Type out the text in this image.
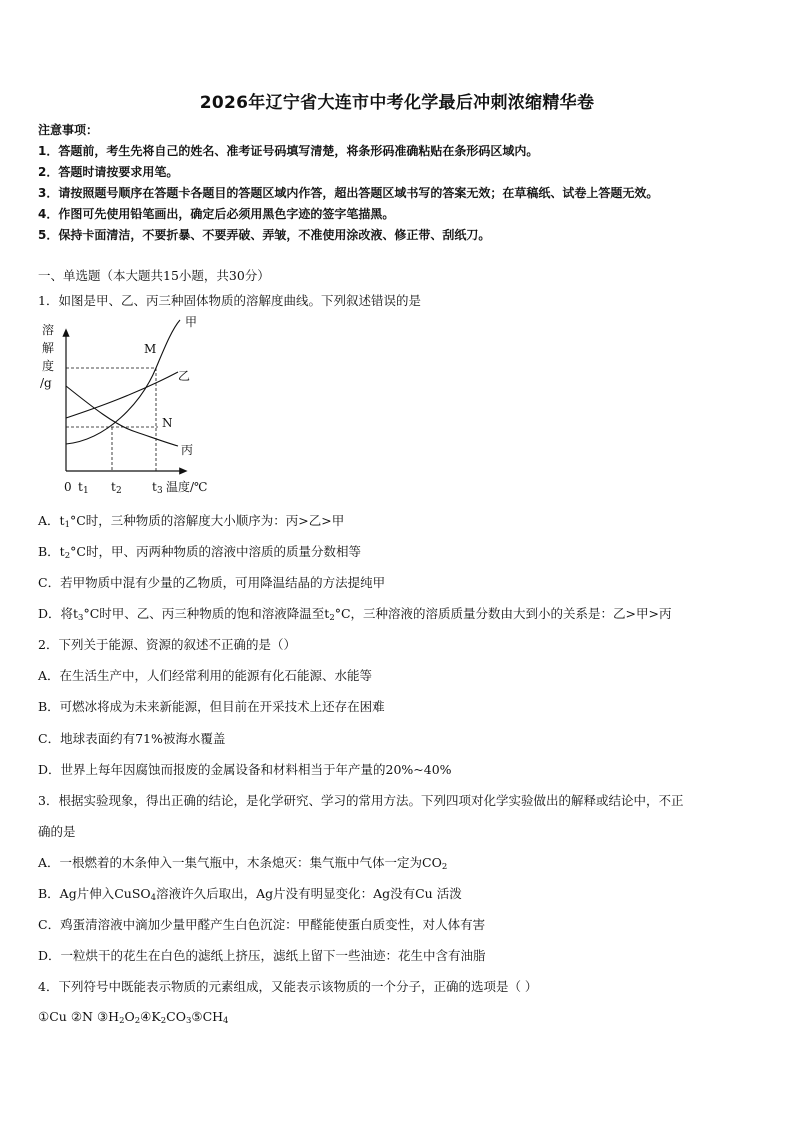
2026年辽宁省大连市中考化学最后冲刺浓缩精华卷
注意事项：
1．答题前，考生先将自己的姓名、准考证号码填写清楚，将条形码准确粘贴在条形码区域内。
2．答题时请按要求用笔。
3．请按照题号顺序在答题卡各题目的答题区域内作答，超出答题区域书写的答案无效；在草稿纸、试卷上答题无效。
4．作图可先使用铅笔画出，确定后必须用黑色字迹的签字笔描黑。
5．保持卡面清洁，不要折暴、不要弄破、弄皱，不准使用涂改液、修正带、刮纸刀。
一、单选题（本大题共15小题，共30分）
1．如图是甲、乙、丙三种固体物质的溶解度曲线。下列叙述错误的是
溶
解
度
/g
甲
乙
丙
M
N
0 t 1 t 2	t 3 温度/℃
A．$t_1^\circ C$时，三种物质的溶解度大小顺序为：丙>乙>甲
B．$t_2^\circ C$时，甲、丙两种物质的溶液中溶质的质量分数相等
C．若甲物质中混有少量的乙物质，可用降温结晶的方法提纯甲
D．将$t_3^\circ C$时甲、乙、丙三种物质的饱和溶液降温至$t_2^\circ C$，三种溶液的溶质质量分数由大到小的关系是：乙>甲>丙
2．下列关于能源、资源的叙述不正确的是（）
A．在生活生产中，人们经常利用的能源有化石能源、水能等
B．可燃冰将成为未来新能源，但目前在开采技术上还存在困难
C．地球表面约有71%被海水覆盖
D．世界上每年因腐蚀而报废的金属设备和材料相当于年产量的20%~40%
3．根据实验现象，得出正确的结论，是化学研究、学习的常用方法。下列四项对化学实验做出的解释或结论中，不正
确的是
A．一根燃着的木条伸入一集气瓶中，木条熄灭：集气瓶中气体一定为$CO_2$
B．Ag片伸入CuSO$_4$溶液许久后取出，Ag片没有明显变化：Ag没有Cu 活泼
C．鸡蛋清溶液中滴加少量甲醛产生白色沉淀：甲醛能使蛋白质变性，对人体有害
D．一粒烘干的花生在白色的滤纸上挤压，滤纸上留下一些油迹：花生中含有油脂
4．下列符号中既能表示物质的元素组成，又能表示该物质的一个分子，正确的选项是（ ）
①Cu ②N $③H_2O_2④K_2CO_3⑤CH_4$
